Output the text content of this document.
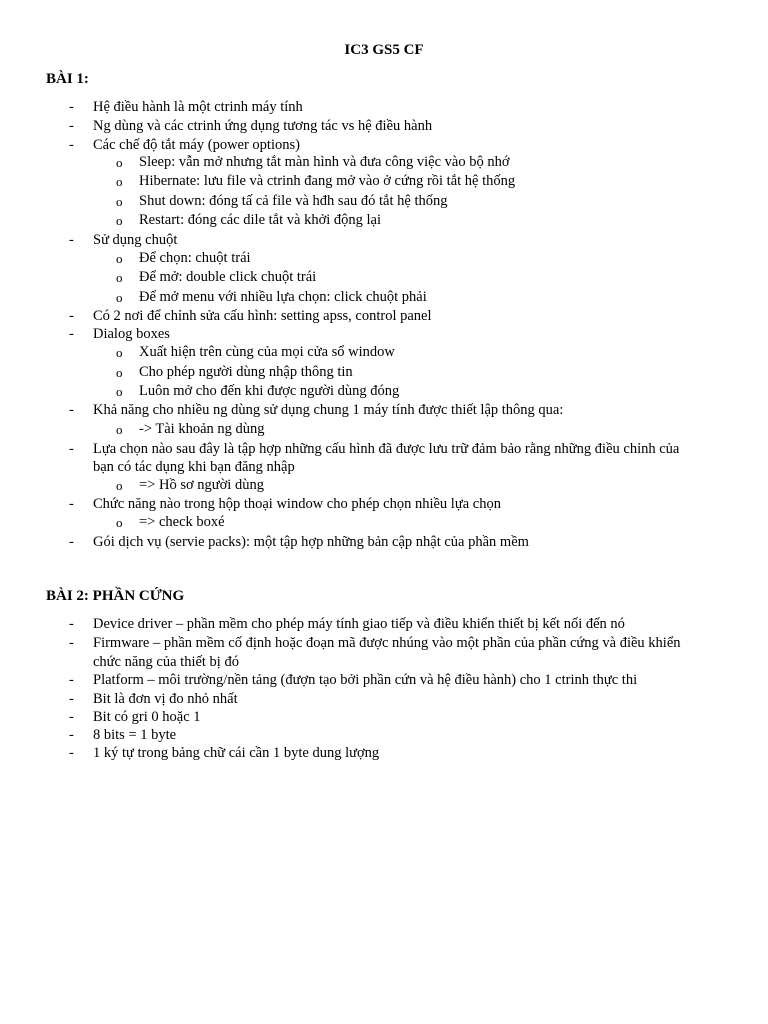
IC3 GS5 CF
BÀI 1:
- Hệ điều hành là một ctrinh máy tính
- Ng dùng và các ctrinh ứng dụng tương tác vs hệ điều hành
- Các chế độ tắt máy (power options)
o Sleep: vẫn mở nhưng tắt màn hình và đưa công việc vào bộ nhớ
o Hibernate: lưu file và ctrinh đang mở vào ở cứng rồi tắt hệ thống
o Shut down: đóng tấ cả file và hđh sau đó tắt hệ thống
o Restart: đóng các dile tắt và khởi động lại
- Sử dụng chuột
o Để chọn: chuột trái
o Để mở: double click chuột trái
o Để mở menu với nhiều lựa chọn: click chuột phải
- Có 2 nơi để chỉnh sửa cấu hình: setting apss, control panel
- Dialog boxes
o Xuất hiện trên cùng của mọi cửa sổ window
o Cho phép người dùng nhập thông tin
o Luôn mở cho đến khi được người dùng đóng
- Khả năng cho nhiều ng dùng sử dụng chung 1 máy tính được thiết lập thông qua:
o -> Tài khoản ng dùng
- Lựa chọn nào sau đây là tập hợp những cấu hình đã được lưu trữ đảm bảo rằng những điều chỉnh của
bạn có tác dụng khi bạn đăng nhập
o => Hồ sơ người dùng
- Chức năng nào trong hộp thoại window cho phép chọn nhiều lựa chọn
o => check boxé
- Gói dịch vụ (servie packs): một tập hợp những bản cập nhật của phần mềm
BÀI 2: PHẦN CỨNG
- Device driver – phần mềm cho phép máy tính giao tiếp và điều khiển thiết bị kết nối đến nó
- Firmware – phần mềm cố định hoặc đoạn mã được nhúng vào một phần của phần cứng và điều khiển
chức năng của thiết bị đó
- Platform – môi trường/nền tảng (đượn tạo bởi phần cứn và hệ điều hành) cho 1 ctrinh thực thi
- Bit là đơn vị đo nhỏ nhất
- Bit có gri 0 hoặc 1
- 8 bits = 1 byte
- 1 ký tự trong bảng chữ cái cần 1 byte dung lượng
